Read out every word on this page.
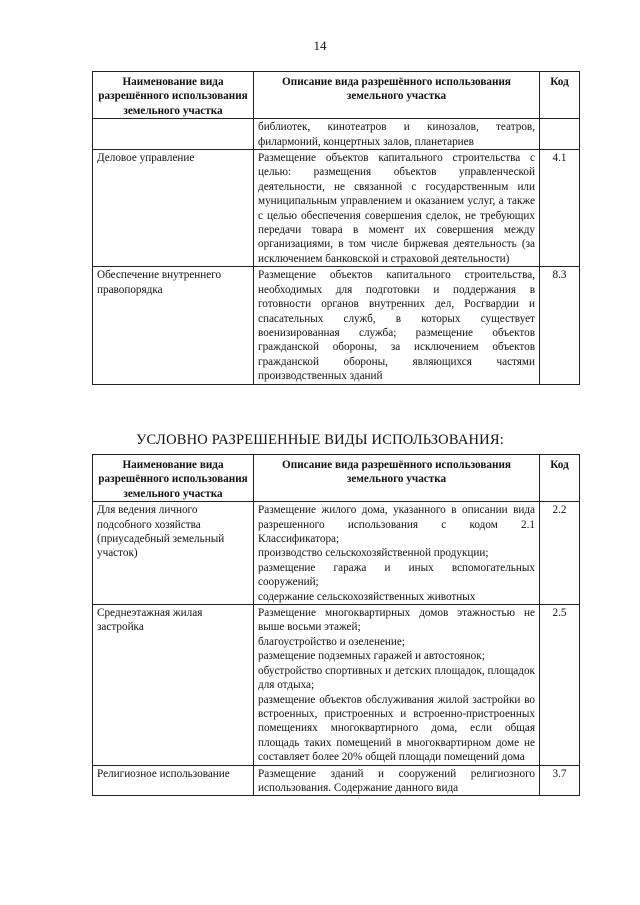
14
Наименование вида разрешённого использования земельного участка	Описание вида разрешённого использования земельного участка	Код
	библиотек, кинотеатров и кинозалов, театров, филармоний, концертных залов, планетариев	
Деловое управление	Размещение объектов капитального строительства с целью: размещения объектов управленческой деятельности, не связанной с государственным или муниципальным управлением и оказанием услуг, а также с целью обеспечения совершения сделок, не требующих передачи товара в момент их совершения между организациями, в том числе биржевая деятельность (за исключением банковской и страховой деятельности)	4.1
Обеспечение внутреннего правопорядка	Размещение объектов капитального строительства, необходимых для подготовки и поддержания в готовности органов внутренних дел, Росгвардии и спасательных служб, в которых существует военизированная служба; размещение объектов гражданской обороны, за исключением объектов гражданской обороны, являющихся частями производственных зданий	8.3
УСЛОВНО РАЗРЕШЕННЫЕ ВИДЫ ИСПОЛЬЗОВАНИЯ:
Наименование вида разрешённого использования земельного участка	Описание вида разрешённого использования земельного участка	Код
Для ведения личного подсобного хозяйства (приусадебный земельный участок)	Размещение жилого дома, указанного в описании вида разрешенного использования с кодом 2.1 Классификатора;
производство сельскохозяйственной продукции;
размещение гаража и иных вспомогательных сооружений;
содержание сельскохозяйственных животных	2.2
Среднеэтажная жилая застройка	Размещение многоквартирных домов этажностью не выше восьми этажей;
благоустройство и озеленение;
размещение подземных гаражей и автостоянок;
обустройство спортивных и детских площадок, площадок для отдыха;
размещение объектов обслуживания жилой застройки во встроенных, пристроенных и встроенно-пристроенных помещениях многоквартирного дома, если общая площадь таких помещений в многоквартирном доме не составляет более 20% общей площади помещений дома	2.5
Религиозное использование	Размещение зданий и сооружений религиозного использования. Содержание данного вида	3.7
